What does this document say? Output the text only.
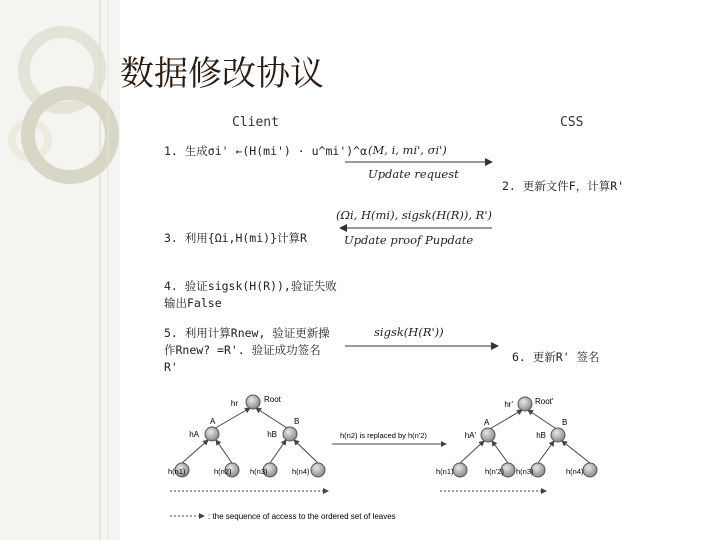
数据修改协议
Client	CSS
1. 生成σi' ←(H(mi') · u^mi')^α
2. 更新文件F，计算R'
3. 利用{Ωi,H(mi)}计算R
4. 验证sigsk(H(R)),验证失败
输出False
5. 利用计算Rnew, 验证更新操
作Rnew? =R'. 验证成功签名
R'
6. 更新R' 签名
(M, i, mi', σi')
Update request
(Ωi, H(mi), sigsk(H(R)), R')
Update proof Pupdate
sigsk(H(R'))
hr	Root
A
hA
B
hB
h(n1)	h(n2) h(n3)	h(n4)
h(n2) is replaced by h(n'2)
hr'	Root'
A
hA'
B
hB
h(n1)	h(n'2) h(n3)	h(n4)
: the sequence of access to the ordered set of leaves
